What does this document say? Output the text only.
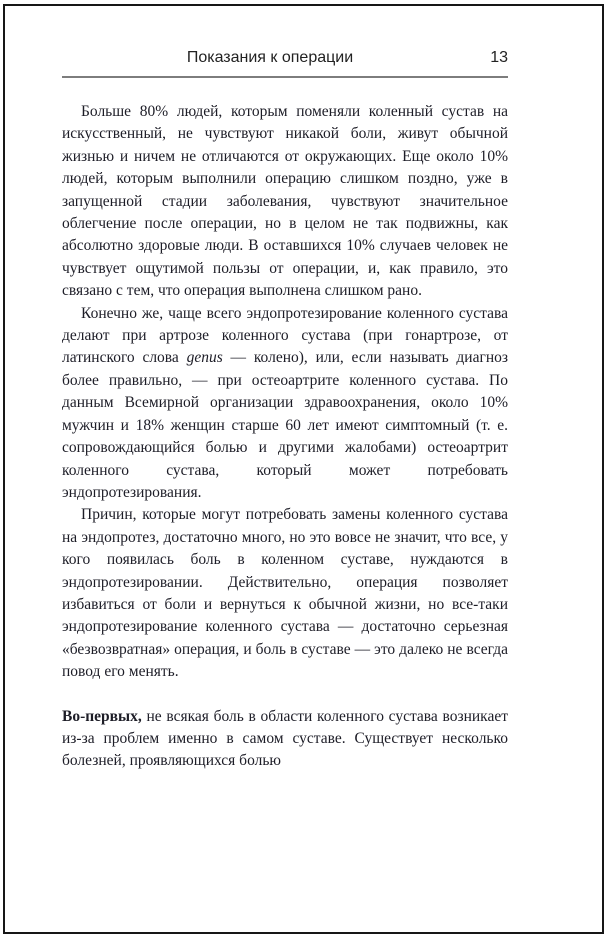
Показания к операции	13

Больше 80% людей, которым поменяли коленный сустав на искусственный, не чувствуют никакой боли, живут обычной жизнью и ничем не отличаются от окружающих. Еще около 10% людей, которым выполнили операцию слишком поздно, уже в запущенной стадии заболевания, чувствуют значительное облегчение после операции, но в целом не так подвижны, как абсолютно здоровые люди. В оставшихся 10% случаев человек не чувствует ощутимой пользы от операции, и, как правило, это связано с тем, что операция выполнена слишком рано.

Конечно же, чаще всего эндопротезирование коленного сустава делают при артрозе коленного сустава (при гонартрозе, от латинского слова genus — колено), или, если называть диагноз более правильно, — при остеоартрите коленного сустава. По данным Всемирной организации здравоохранения, около 10% мужчин и 18% женщин старше 60 лет имеют симптомный (т. е. сопровождающийся болью и другими жалобами) остеоартрит коленного сустава, который может потребовать эндопротезирования.

Причин, которые могут потребовать замены коленного сустава на эндопротез, достаточно много, но это вовсе не значит, что все, у кого появилась боль в коленном суставе, нуждаются в эндопротезировании. Действительно, операция позволяет избавиться от боли и вернуться к обычной жизни, но все-таки эндопротезирование коленного сустава — достаточно серьезная «безвозвратная» операция, и боль в суставе — это далеко не всегда повод его менять.

Во-первых, не всякая боль в области коленного сустава возникает из-за проблем именно в самом суставе. Существует несколько болезней, проявляющихся болью
